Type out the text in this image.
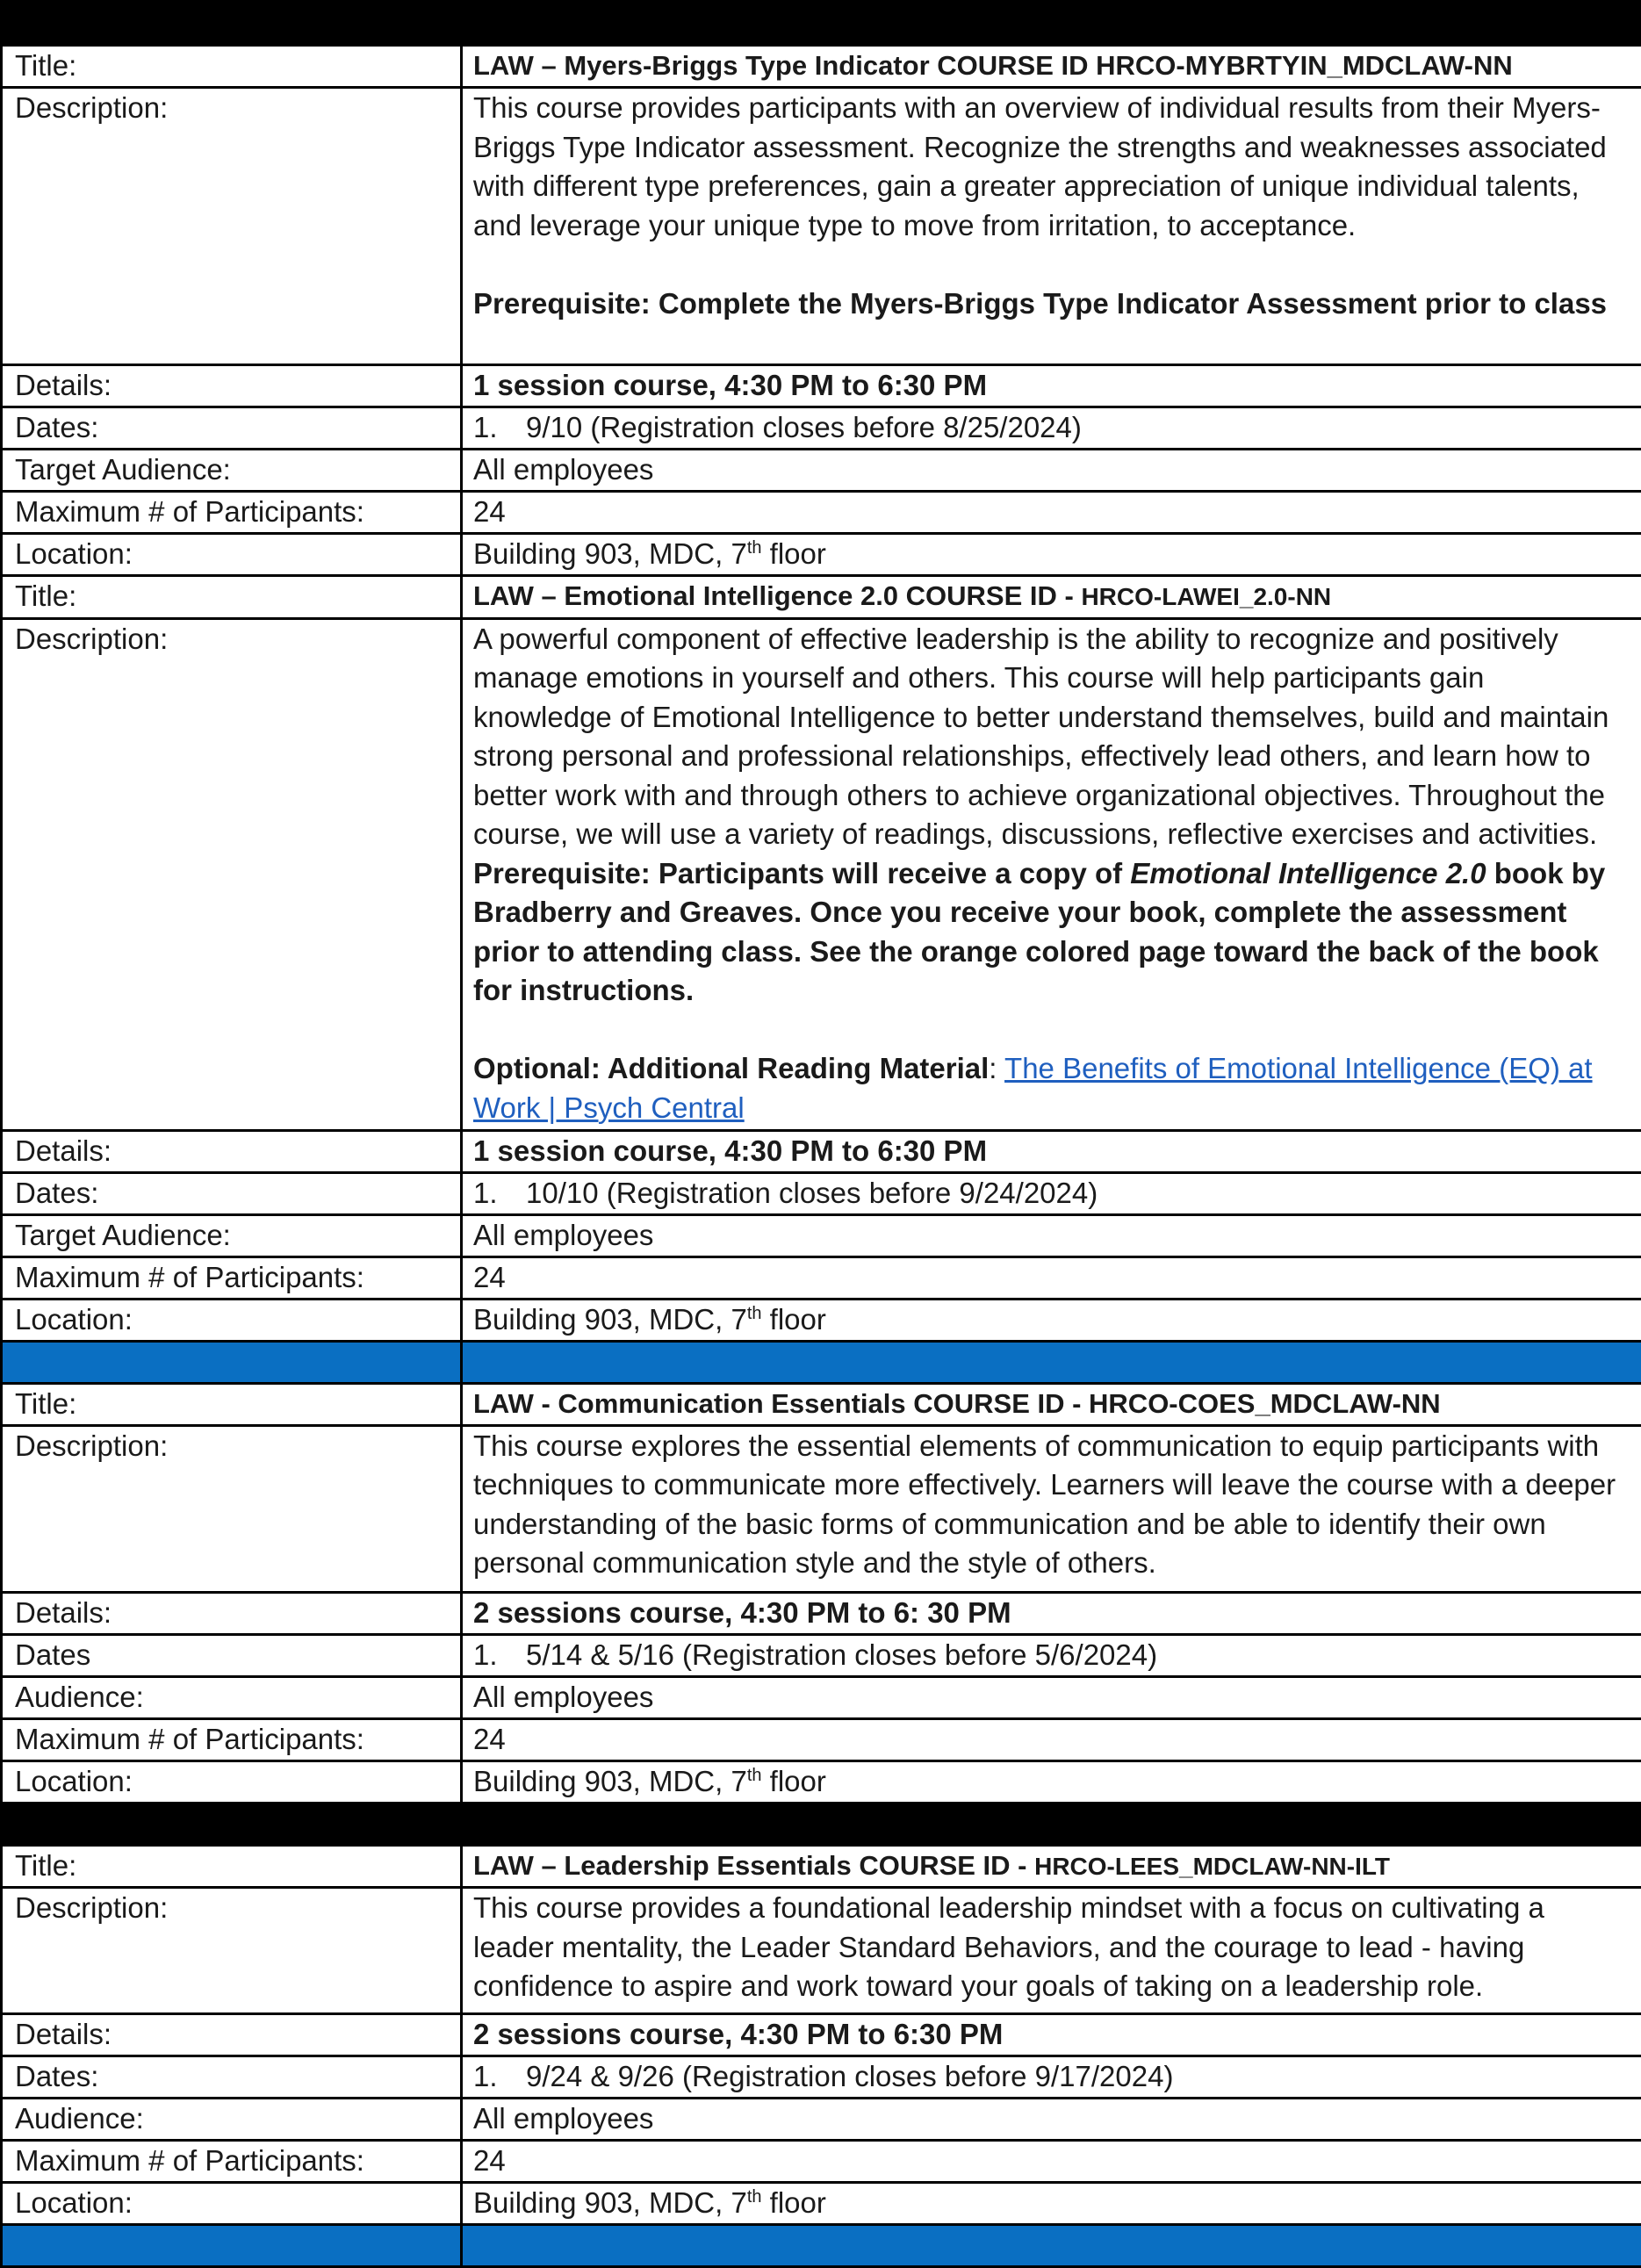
Title:	LAW – Myers-Briggs Type Indicator COURSE ID HRCO-MYBRTYIN_MDCLAW-NN
Description:	This course provides participants with an overview of individual results from their Myers-Briggs Type Indicator assessment. Recognize the strengths and weaknesses associated with different type preferences, gain a greater appreciation of unique individual talents, and leverage your unique type to move from irritation, to acceptance.
Prerequisite: Complete the Myers-Briggs Type Indicator Assessment prior to class

Details:	1 session course, 4:30 PM to 6:30 PM
Dates:	1. 9/10 (Registration closes before 8/25/2024)
Target Audience:	All employees
Maximum # of Participants:	24
Location:	Building 903, MDC, 7th floor
Title:	LAW – Emotional Intelligence 2.0 COURSE ID - HRCO-LAWEI_2.0-NN
Description:	A powerful component of effective leadership is the ability to recognize and positively manage emotions in yourself and others. This course will help participants gain knowledge of Emotional Intelligence to better understand themselves, build and maintain strong personal and professional relationships, effectively lead others, and learn how to better work with and through others to achieve organizational objectives. Throughout the course, we will use a variety of readings, discussions, reflective exercises and activities. Prerequisite: Participants will receive a copy of Emotional Intelligence 2.0 book by Bradberry and Greaves. Once you receive your book, complete the assessment prior to attending class. See the orange colored page toward the back of the book for instructions.
Optional: Additional Reading Material: The Benefits of Emotional Intelligence (EQ) at Work | Psych Central

Details:	1 session course, 4:30 PM to 6:30 PM
Dates:	1. 10/10 (Registration closes before 9/24/2024)
Target Audience:	All employees
Maximum # of Participants:	24
Location:	Building 903, MDC, 7th floor

Title:	LAW - Communication Essentials COURSE ID - HRCO-COES_MDCLAW-NN
Description:	This course explores the essential elements of communication to equip participants with techniques to communicate more effectively. Learners will leave the course with a deeper understanding of the basic forms of communication and be able to identify their own personal communication style and the style of others.
Details:	2 sessions course, 4:30 PM to 6: 30 PM
Dates	1. 5/14 & 5/16 (Registration closes before 5/6/2024)
Audience:	All employees
Maximum # of Participants:	24
Location:	Building 903, MDC, 7th floor

Title:	LAW – Leadership Essentials COURSE ID - HRCO-LEES_MDCLAW-NN-ILT
Description:	This course provides a foundational leadership mindset with a focus on cultivating a leader mentality, the Leader Standard Behaviors, and the courage to lead - having confidence to aspire and work toward your goals of taking on a leadership role.
Details:	2 sessions course, 4:30 PM to 6:30 PM
Dates:	1. 9/24 & 9/26 (Registration closes before 9/17/2024)
Audience:	All employees
Maximum # of Participants:	24
Location:	Building 903, MDC, 7th floor
